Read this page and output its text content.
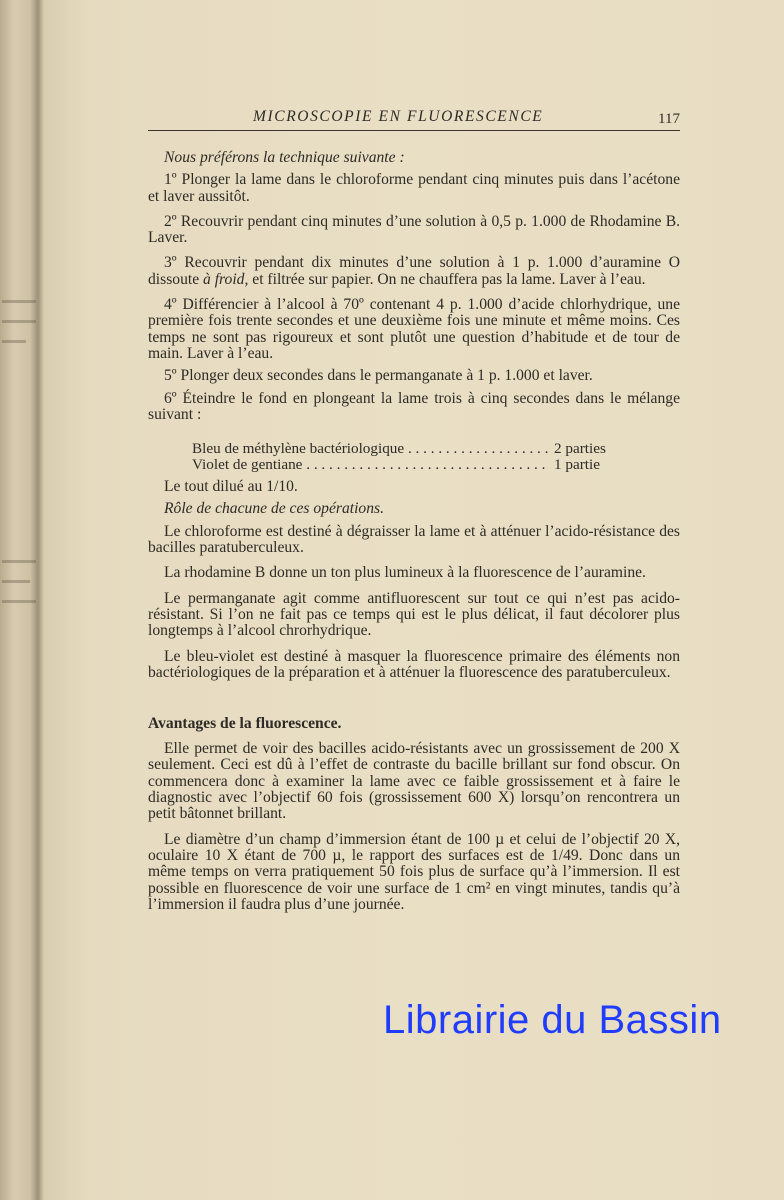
MICROSCOPIE EN FLUORESCENCE	117

Nous préférons la technique suivante :

1º Plonger la lame dans le chloroforme pendant cinq minutes puis dans l’acétone et laver aussitôt.

2º Recouvrir pendant cinq minutes d’une solution à 0,5 p. 1.000 de Rhodamine B. Laver.

3º Recouvrir pendant dix minutes d’une solution à 1 p. 1.000 d’auramine O dissoute à froid, et filtrée sur papier. On ne chauffera pas la lame. Laver à l’eau.

4º Différencier à l’alcool à 70º contenant 4 p. 1.000 d’acide chlorhydrique, une première fois trente secondes et une deuxième fois une minute et même moins. Ces temps ne sont pas rigoureux et sont plutôt une question d’habitude et de tour de main. Laver à l’eau.

5º Plonger deux secondes dans le permanganate à 1 p. 1.000 et laver.

6º Éteindre le fond en plongeant la lame trois à cinq secondes dans le mélange suivant :

Bleu de méthylène bactériologique . . .	2 parties
Violet de gentiane . . .	1 partie

Le tout dilué au 1/10.

Rôle de chacune de ces opérations.

Le chloroforme est destiné à dégraisser la lame et à atténuer l’acido-résistance des bacilles paratuberculeux.

La rhodamine B donne un ton plus lumineux à la fluorescence de l’auramine.

Le permanganate agit comme antifluorescent sur tout ce qui n’est pas acido-résistant. Si l’on ne fait pas ce temps qui est le plus délicat, il faut décolorer plus longtemps à l’alcool chrorhydrique.

Le bleu-violet est destiné à masquer la fluorescence primaire des éléments non bactériologiques de la préparation et à atténuer la fluorescence des paratuberculeux.

Avantages de la fluorescence.

Elle permet de voir des bacilles acido-résistants avec un grossissement de 200 X seulement. Ceci est dû à l’effet de contraste du bacille brillant sur fond obscur. On commencera donc à examiner la lame avec ce faible grossissement et à faire le diagnostic avec l’objectif 60 fois (grossissement 600 X) lorsqu’on rencontrera un petit bâtonnet brillant.

Le diamètre d’un champ d’immersion étant de 100 µ et celui de l’objectif 20 X, oculaire 10 X étant de 700 µ, le rapport des surfaces est de 1/49. Donc dans un même temps on verra pratiquement 50 fois plus de surface qu’à l’immersion. Il est possible en fluorescence de voir une surface de 1 cm² en vingt minutes, tandis qu’à l’immersion il faudra plus d’une journée.

Librairie du Bassin
